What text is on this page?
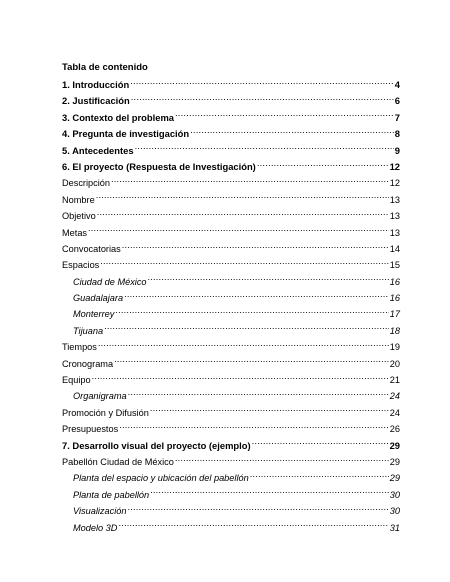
Tabla de contenido
1. Introducción .....	4
2. Justificación .....	6
3. Contexto del problema .....	7
4. Pregunta de investigación .....	8
5. Antecedentes .....	9
6. El proyecto (Respuesta de Investigación) .....	12
Descripción .....	12
Nombre .....	13
Objetivo .....	13
Metas .....	13
Convocatorias .....	14
Espacios .....	15
Ciudad de México .....	16
Guadalajara .....	16
Monterrey .....	17
Tijuana .....	18
Tiempos .....	19
Cronograma .....	20
Equipo .....	21
Organigrama .....	24
Promoción y Difusión .....	24
Presupuestos .....	26
7. Desarrollo visual del proyecto (ejemplo) .....	29
Pabellón Ciudad de México .....	29
Planta del espacio y ubicación del pabellón .....	29
Planta de pabellón .....	30
Visualización .....	30
Modelo 3D .....	31
